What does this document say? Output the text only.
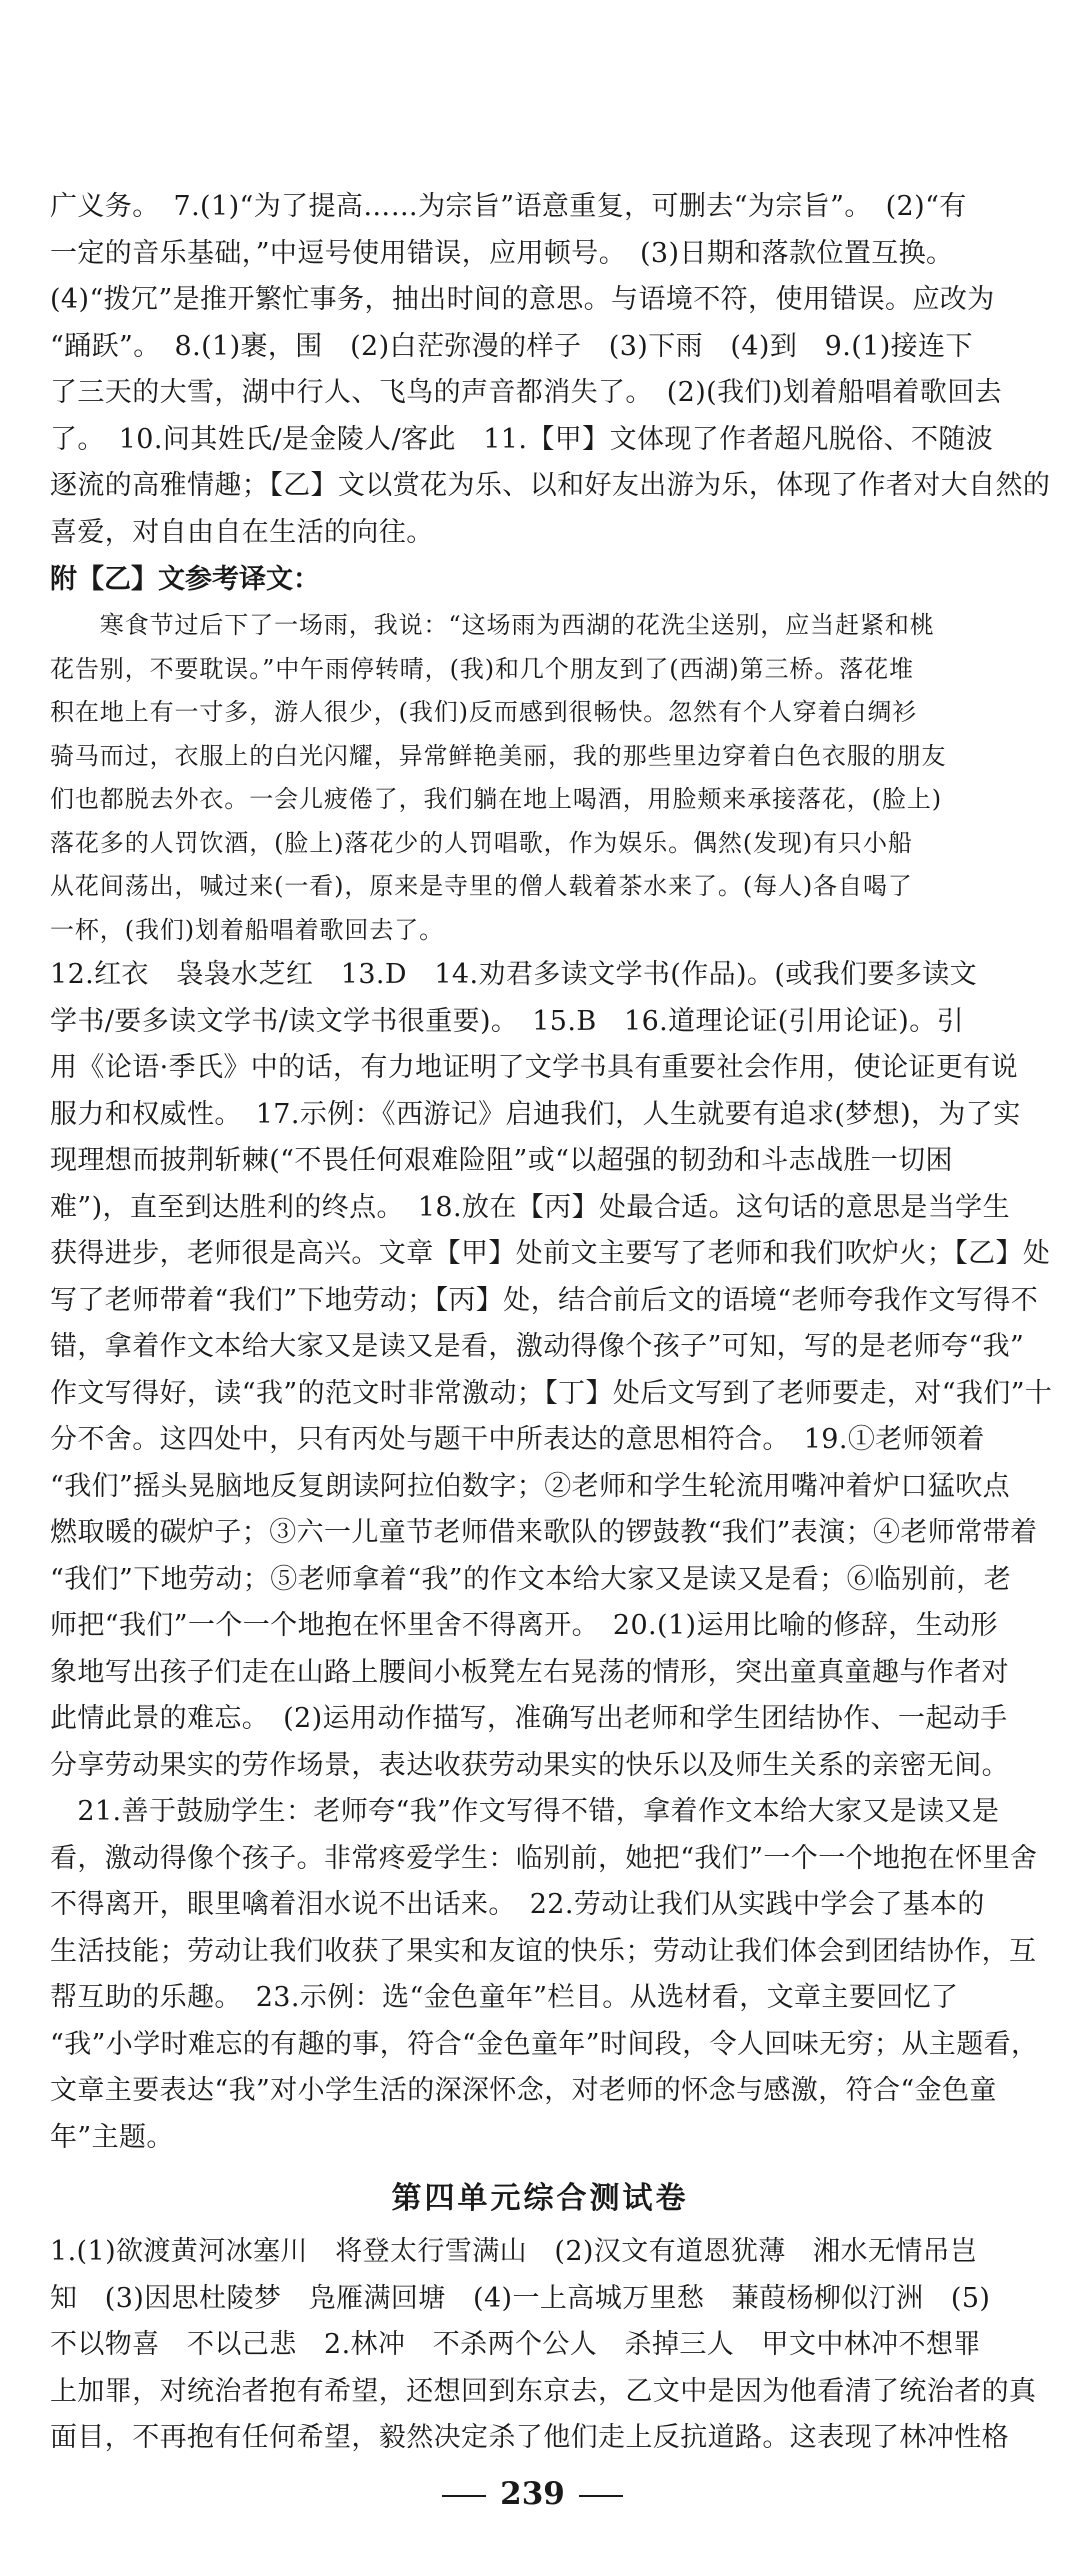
广义务。　7.(1)“为了提高……为宗旨”语意重复，可删去“为宗旨”。　(2)“有
一定的音乐基础，”中逗号使用错误，应用顿号。　(3)日期和落款位置互换。
(4)“拨冗”是推开繁忙事务，抽出时间的意思。与语境不符，使用错误。应改为
“踊跃”。　8.(1)裹，围　(2)白茫弥漫的样子　(3)下雨　(4)到　9.(1)接连下
了三天的大雪，湖中行人、飞鸟的声音都消失了。　(2)(我们)划着船唱着歌回去
了。　10.问其姓氏/是金陵人/客此　11.【甲】文体现了作者超凡脱俗、不随波
逐流的高雅情趣；【乙】文以赏花为乐、以和好友出游为乐，体现了作者对大自然的
喜爱，对自由自在生活的向往。
附【乙】文参考译文：
　　寒食节过后下了一场雨，我说：“这场雨为西湖的花洗尘送别，应当赶紧和桃
花告别，不要耽误。”中午雨停转晴，(我)和几个朋友到了(西湖)第三桥。落花堆
积在地上有一寸多，游人很少，(我们)反而感到很畅快。忽然有个人穿着白绸衫
骑马而过，衣服上的白光闪耀，异常鲜艳美丽，我的那些里边穿着白色衣服的朋友
们也都脱去外衣。一会儿疲倦了，我们躺在地上喝酒，用脸颊来承接落花，(脸上)
落花多的人罚饮酒，(脸上)落花少的人罚唱歌，作为娱乐。偶然(发现)有只小船
从花间荡出，喊过来(一看)，原来是寺里的僧人载着茶水来了。(每人)各自喝了
一杯，(我们)划着船唱着歌回去了。
12.红衣　袅袅水芝红　13.D　14.劝君多读文学书(作品)。(或我们要多读文
学书/要多读文学书/读文学书很重要)。　15.B　16.道理论证(引用论证)。引
用《论语·季氏》中的话，有力地证明了文学书具有重要社会作用，使论证更有说
服力和权威性。　17.示例：《西游记》启迪我们，人生就要有追求(梦想)，为了实
现理想而披荆斩棘(“不畏任何艰难险阻”或“以超强的韧劲和斗志战胜一切困
难”)，直至到达胜利的终点。　18.放在【丙】处最合适。这句话的意思是当学生
获得进步，老师很是高兴。文章【甲】处前文主要写了老师和我们吹炉火；【乙】处
写了老师带着“我们”下地劳动；【丙】处，结合前后文的语境“老师夸我作文写得不
错，拿着作文本给大家又是读又是看，激动得像个孩子”可知，写的是老师夸“我”
作文写得好，读“我”的范文时非常激动；【丁】处后文写到了老师要走，对“我们”十
分不舍。这四处中，只有丙处与题干中所表达的意思相符合。　19.①老师领着
“我们”摇头晃脑地反复朗读阿拉伯数字；②老师和学生轮流用嘴冲着炉口猛吹点
燃取暖的碳炉子；③六一儿童节老师借来歌队的锣鼓教“我们”表演；④老师常带着
“我们”下地劳动；⑤老师拿着“我”的作文本给大家又是读又是看；⑥临别前，老
师把“我们”一个一个地抱在怀里舍不得离开。　20.(1)运用比喻的修辞，生动形
象地写出孩子们走在山路上腰间小板凳左右晃荡的情形，突出童真童趣与作者对
此情此景的难忘。　(2)运用动作描写，准确写出老师和学生团结协作、一起动手
分享劳动果实的劳作场景，表达收获劳动果实的快乐以及师生关系的亲密无间。
　21.善于鼓励学生：老师夸“我”作文写得不错，拿着作文本给大家又是读又是
看，激动得像个孩子。非常疼爱学生：临别前，她把“我们”一个一个地抱在怀里舍
不得离开，眼里噙着泪水说不出话来。　22.劳动让我们从实践中学会了基本的
生活技能；劳动让我们收获了果实和友谊的快乐；劳动让我们体会到团结协作，互
帮互助的乐趣。　23.示例：选“金色童年”栏目。从选材看，文章主要回忆了
“我”小学时难忘的有趣的事，符合“金色童年”时间段，令人回味无穷；从主题看，
文章主要表达“我”对小学生活的深深怀念，对老师的怀念与感激，符合“金色童
年”主题。
第四单元综合测试卷
1.(1)欲渡黄河冰塞川　将登太行雪满山　(2)汉文有道恩犹薄　湘水无情吊岂
知　(3)因思杜陵梦　凫雁满回塘　(4)一上高城万里愁　蒹葭杨柳似汀洲　(5)
不以物喜　不以己悲　2.林冲　不杀两个公人　杀掉三人　甲文中林冲不想罪
上加罪，对统治者抱有希望，还想回到东京去，乙文中是因为他看清了统治者的真
面目，不再抱有任何希望，毅然决定杀了他们走上反抗道路。这表现了林冲性格
239
